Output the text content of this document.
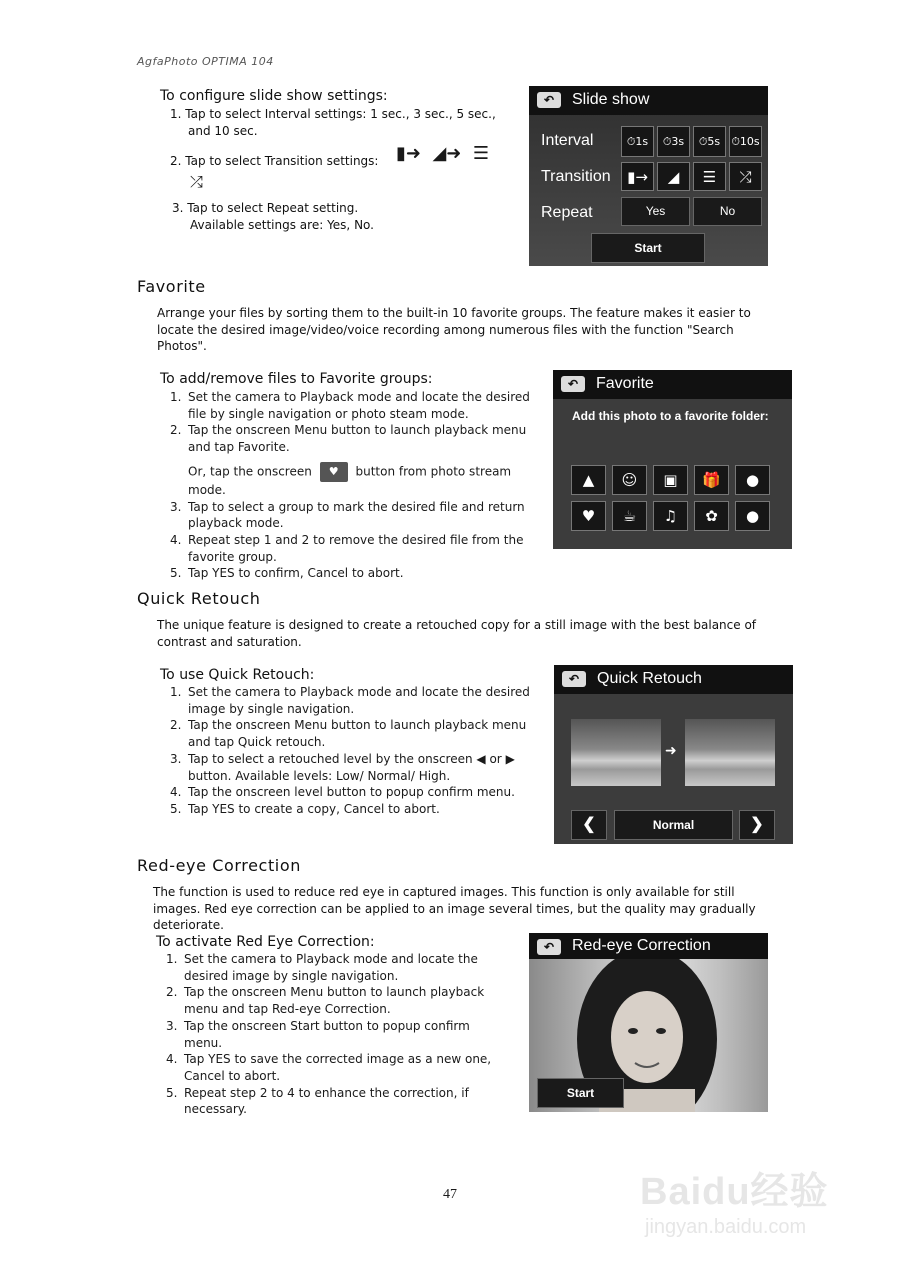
AgfaPhoto OPTIMA 104
To configure slide show settings:
1. Tap to select Interval settings: 1 sec., 3 sec., 5 sec.,
and 10 sec.
2. Tap to select Transition settings: ▮➜ ◢➜ ☰
⤮
3. Tap to select Repeat setting.
Available settings are: Yes, No.
↶	Slide show
Interval	⏱1s	⏱3s	⏱5s	⏱10s
Transition	▮→	◢	☰	⤮
Repeat	Yes	No
Start
Favorite
Arrange your files by sorting them to the built-in 10 favorite groups. The feature makes it easier to
locate the desired image/video/voice recording among numerous files with the function "Search
Photos".
To add/remove files to Favorite groups:
1. Set the camera to Playback mode and locate the desired
file by single navigation or photo steam mode.
2. Tap the onscreen Menu button to launch playback menu
and tap Favorite.
Or, tap the onscreen ♥ button from photo stream
mode.
3. Tap to select a group to mark the desired file and return
playback mode.
4. Repeat step 1 and 2 to remove the desired file from the
favorite group.
5. Tap YES to confirm, Cancel to abort.
↶	Favorite
Add this photo to a favorite folder:
▲	☺	▣	🎁	●
♥	☕	♫	✿	●
Quick Retouch
The unique feature is designed to create a retouched copy for a still image with the best balance of
contrast and saturation.
To use Quick Retouch:
1. Set the camera to Playback mode and locate the desired
image by single navigation.
2. Tap the onscreen Menu button to launch playback menu
and tap Quick retouch.
3. Tap to select a retouched level by the onscreen ◀ or ▶
button. Available levels: Low/ Normal/ High.
4. Tap the onscreen level button to popup confirm menu.
5. Tap YES to create a copy, Cancel to abort.
↶	Quick Retouch
➜
❮	Normal	❯
Red-eye Correction
The function is used to reduce red eye in captured images. This function is only available for still
images. Red eye correction can be applied to an image several times, but the quality may gradually
deteriorate.
To activate Red Eye Correction:
1. Set the camera to Playback mode and locate the
desired image by single navigation.
2. Tap the onscreen Menu button to launch playback
menu and tap Red-eye Correction.
3. Tap the onscreen Start button to popup confirm
menu.
4. Tap YES to save the corrected image as a new one,
Cancel to abort.
5. Repeat step 2 to 4 to enhance the correction, if
necessary.
↶	Red-eye Correction
Start
47	Baidu经验
jingyan.baidu.com
